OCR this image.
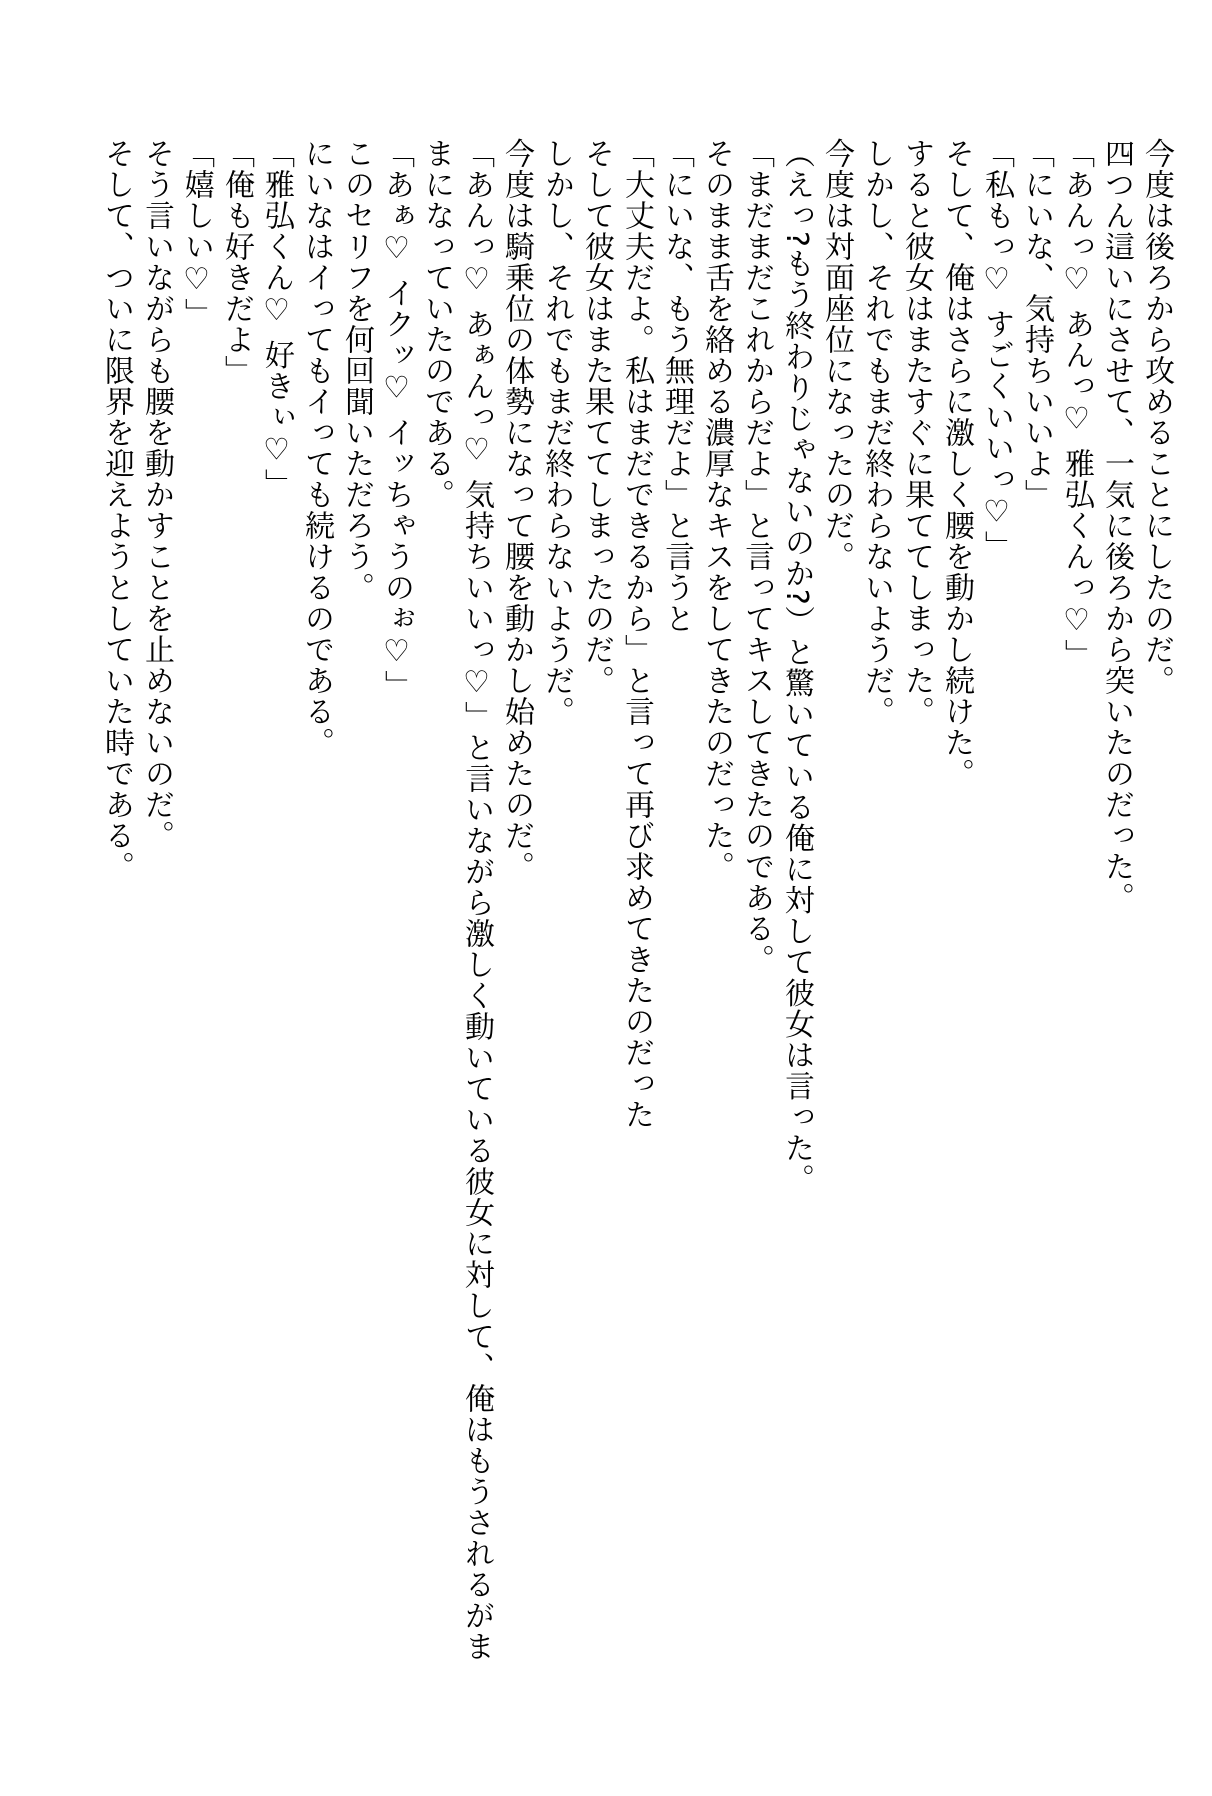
今度は後ろから攻めることにしたのだ。

四つん這いにさせて、一気に後ろから突いたのだった。

「あんっ♡ あんっ♡ 雅弘くんっ♡」

「にいな、気持ちいいよ」

「私もっ♡ すごくいいっ♡」

そして、俺はさらに激しく腰を動かし続けた。

すると彼女はまたすぐに果ててしまった。

しかし、それでもまだ終わらないようだ。

今度は対面座位になったのだ。

（えっ?もう終わりじゃないのか?）と驚いている俺に対して彼女は言った。

「まだまだこれからだよ」と言ってキスしてきたのである。

そのまま舌を絡める濃厚なキスをしてきたのだった。

「にいな、もう無理だよ」と言うと

「大丈夫だよ。私はまだできるから」と言って再び求めてきたのだった

そして彼女はまた果ててしまったのだ。

しかし、それでもまだ終わらないようだ。

今度は騎乗位の体勢になって腰を動かし始めたのだ。

「あんっ♡ あぁんっ♡ 気持ちいいっ♡」と言いながら激しく動いている彼女に対して、俺はもうされるがままになっていたのである。

「あぁ♡ イクッ♡ イッちゃうのぉ♡」

このセリフを何回聞いただろう。

にいなはイってもイっても続けるのである。

「雅弘くん♡ 好きぃ♡」

「俺も好きだよ」

「嬉しい♡」

そう言いながらも腰を動かすことを止めないのだ。

そして、ついに限界を迎えようとしていた時である。
